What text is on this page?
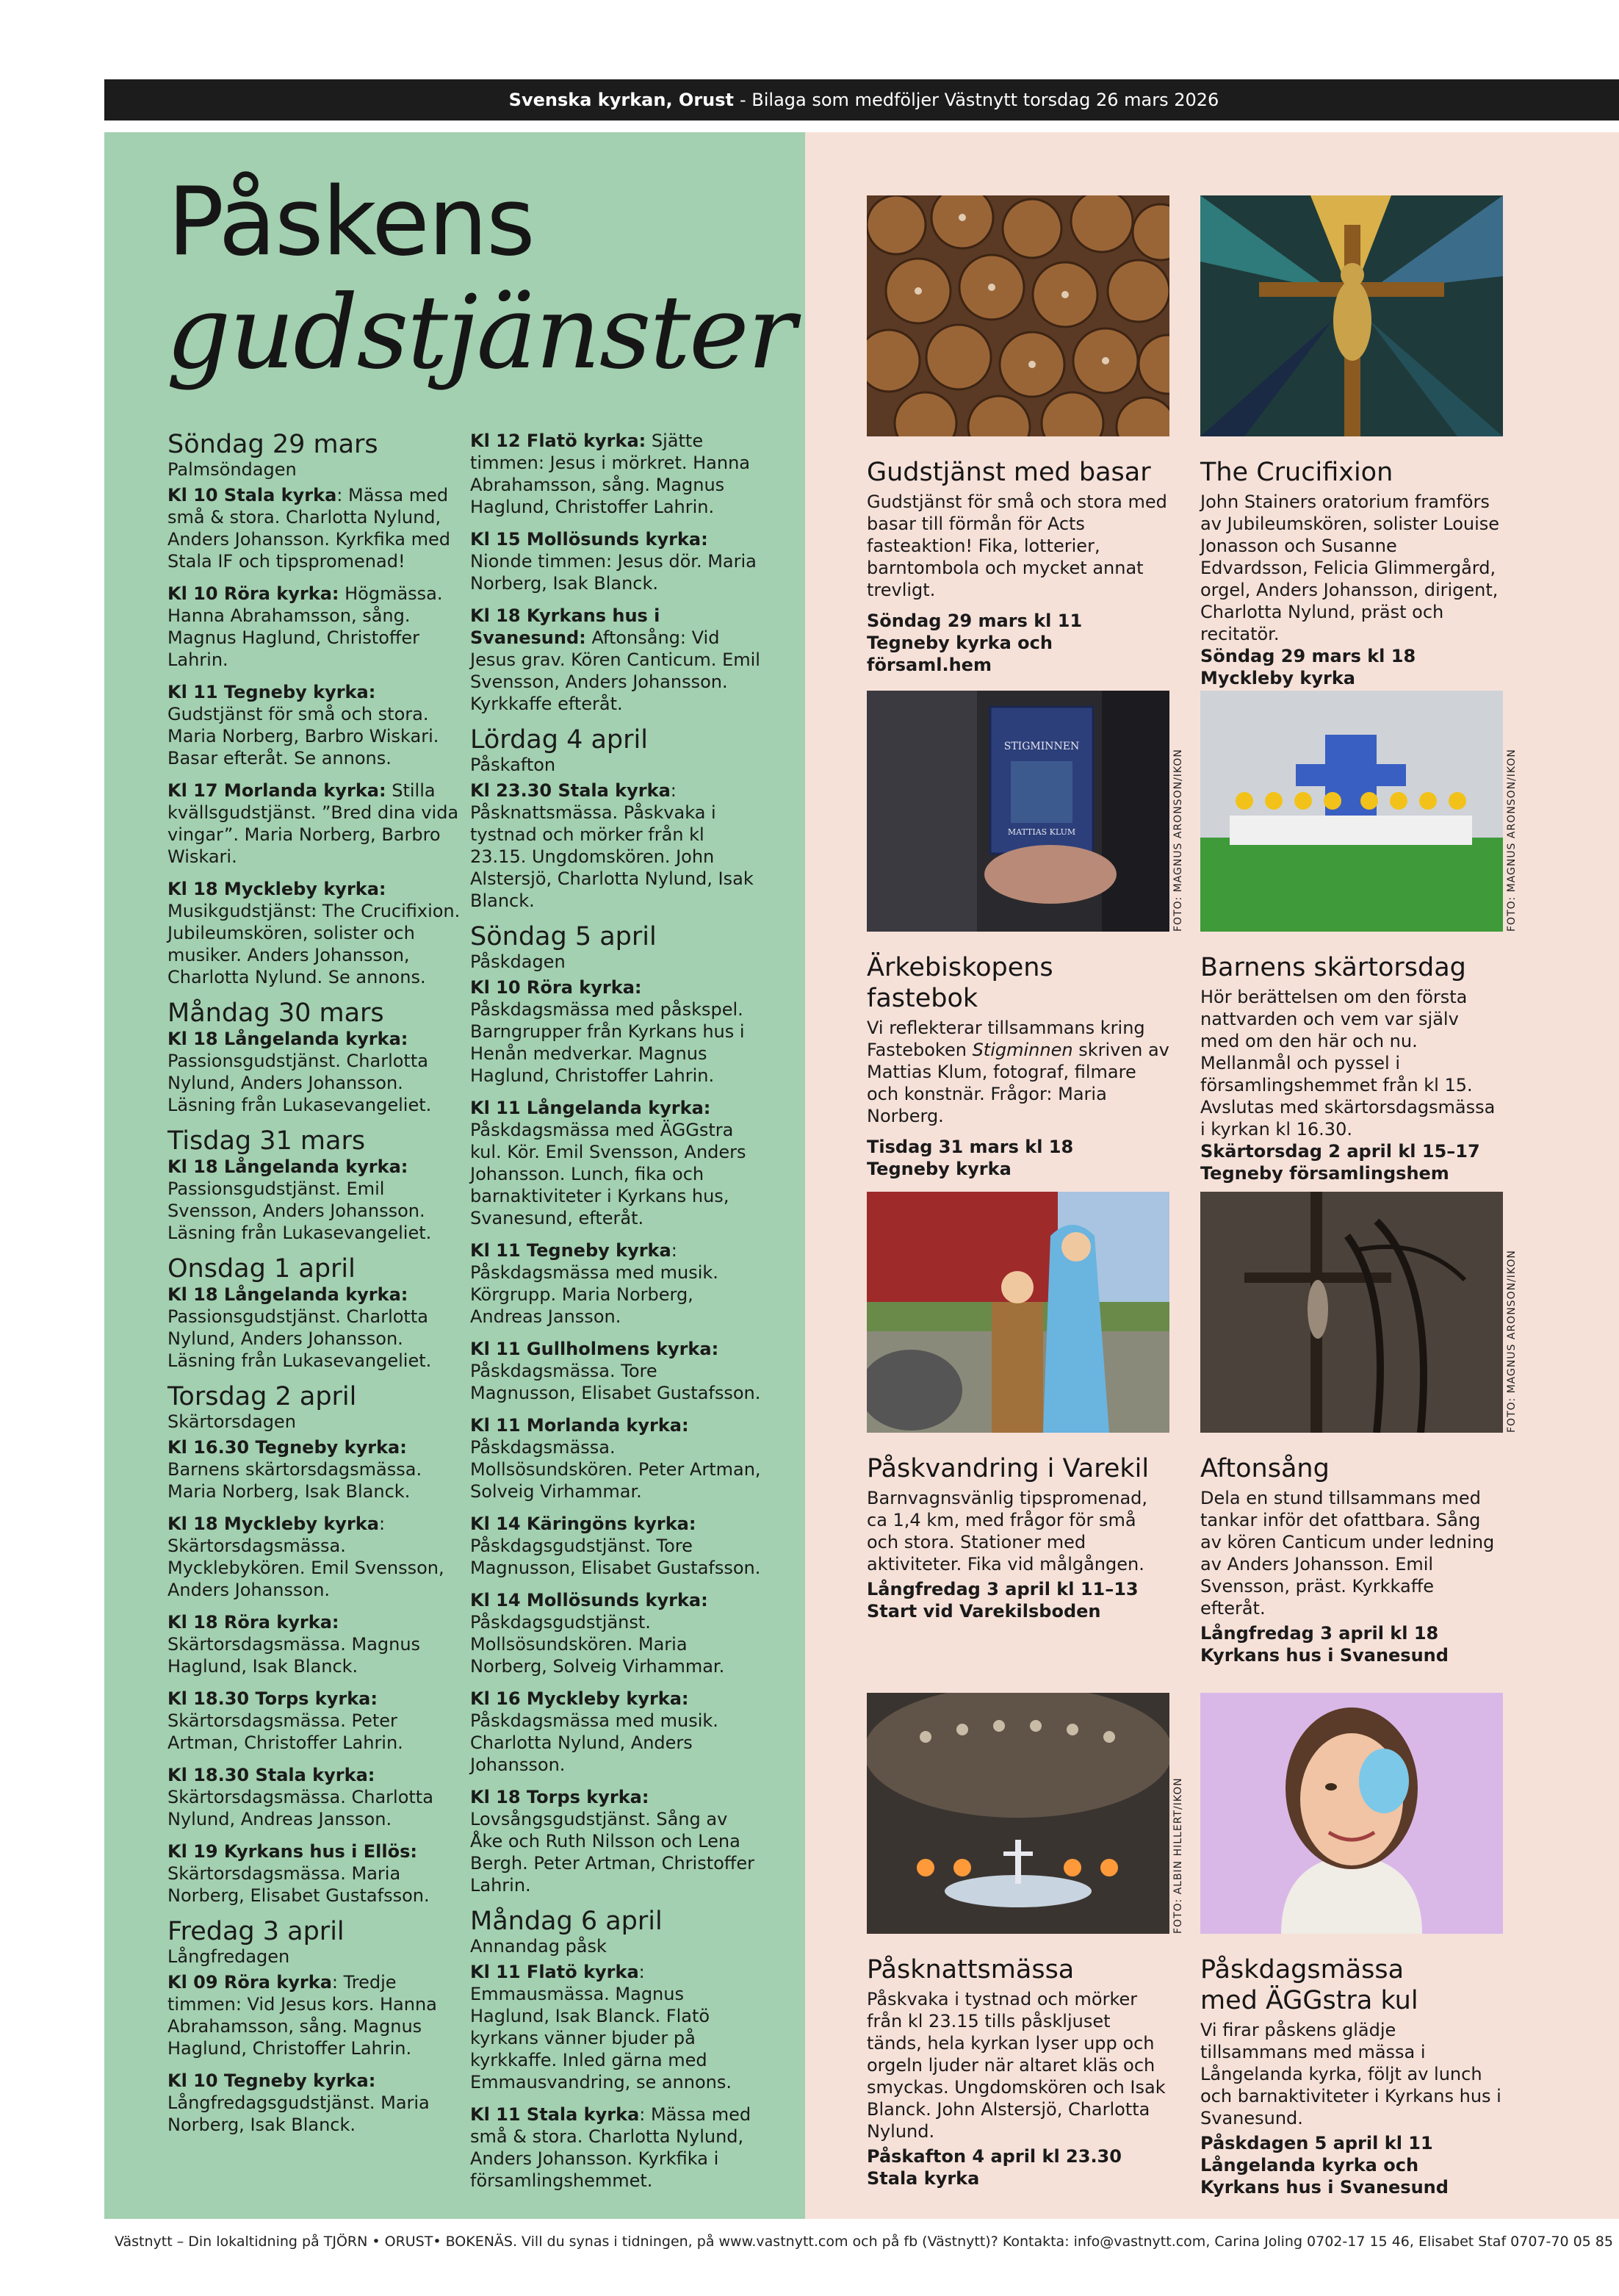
Svenska kyrkan, Orust - Bilaga som medföljer Västnytt torsdag 26 mars 2026
Påskens
gudstjänster
Söndag 29 mars
Palmsöndagen
Kl 10 Stala kyrka: Mässa med små & stora. Charlotta Nylund, Anders Johansson. Kyrkfika med Stala IF och tipspromenad!
Kl 10 Röra kyrka: Högmässa. Hanna Abrahamsson, sång. Magnus Haglund, Christoffer Lahrin.
Kl 11 Tegneby kyrka: Gudstjänst för små och stora. Maria Norberg, Barbro Wiskari. Basar efteråt. Se annons.
Kl 17 Morlanda kyrka: Stilla kvällsgudstjänst. ”Bred dina vida vingar”. Maria Norberg, Barbro Wiskari.
Kl 18 Myckleby kyrka: Musikgudstjänst: The Crucifixion. Jubileumskören, solister och musiker. Anders Johansson, Charlotta Nylund. Se annons.
Måndag 30 mars
Kl 18 Långelanda kyrka: Passionsgudstjänst. Charlotta Nylund, Anders Johansson. Läsning från Lukasevangeliet.
Tisdag 31 mars
Kl 18 Långelanda kyrka: Passionsgudstjänst. Emil Svensson, Anders Johansson. Läsning från Lukasevangeliet.
Onsdag 1 april
Kl 18 Långelanda kyrka: Passionsgudstjänst. Charlotta Nylund, Anders Johansson. Läsning från Lukasevangeliet.
Torsdag 2 april
Skärtorsdagen
Kl 16.30 Tegneby kyrka: Barnens skärtorsdagsmässa. Maria Norberg, Isak Blanck.
Kl 18 Myckleby kyrka: Skärtorsdagsmässa. Mycklebykören. Emil Svensson, Anders Johansson.
Kl 18 Röra kyrka: Skärtorsdagsmässa. Magnus Haglund, Isak Blanck.
Kl 18.30 Torps kyrka: Skärtorsdagsmässa. Peter Artman, Christoffer Lahrin.
Kl 18.30 Stala kyrka: Skärtorsdagsmässa. Charlotta Nylund, Andreas Jansson.
Kl 19 Kyrkans hus i Ellös: Skärtorsdagsmässa. Maria Norberg, Elisabet Gustafsson.
Fredag 3 april
Långfredagen
Kl 09 Röra kyrka: Tredje timmen: Vid Jesus kors. Hanna Abrahamsson, sång. Magnus Haglund, Christoffer Lahrin.
Kl 10 Tegneby kyrka: Långfredagsgudstjänst. Maria Norberg, Isak Blanck.
Kl 12 Flatö kyrka: Sjätte timmen: Jesus i mörkret. Hanna Abrahamsson, sång. Magnus Haglund, Christoffer Lahrin.
Kl 15 Mollösunds kyrka: Nionde timmen: Jesus dör. Maria Norberg, Isak Blanck.
Kl 18 Kyrkans hus i Svanesund: Aftonsång: Vid Jesus grav. Kören Canticum. Emil Svensson, Anders Johansson. Kyrkkaffe efteråt.
Lördag 4 april
Påskafton
Kl 23.30 Stala kyrka: Påsknattsmässa. Påskvaka i tystnad och mörker från kl 23.15. Ungdomskören. John Alstersjö, Charlotta Nylund, Isak Blanck.
Söndag 5 april
Påskdagen
Kl 10 Röra kyrka: Påskdagsmässa med påskspel. Barngrupper från Kyrkans hus i Henån medverkar. Magnus Haglund, Christoffer Lahrin.
Kl 11 Långelanda kyrka: Påskdagsmässa med ÄGGstra kul. Kör. Emil Svensson, Anders Johansson. Lunch, fika och barnaktiviteter i Kyrkans hus, Svanesund, efteråt.
Kl 11 Tegneby kyrka: Påskdagsmässa med musik. Körgrupp. Maria Norberg, Andreas Jansson.
Kl 11 Gullholmens kyrka: Påskdagsmässa. Tore Magnusson, Elisabet Gustafsson.
Kl 11 Morlanda kyrka: Påskdagsmässa. Mollsösundskören. Peter Artman, Solveig Virhammar.
Kl 14 Käringöns kyrka: Påskdagsgudstjänst. Tore Magnusson, Elisabet Gustafsson.
Kl 14 Mollösunds kyrka: Påskdagsgudstjänst. Mollsösundskören. Maria Norberg, Solveig Virhammar.
Kl 16 Myckleby kyrka: Påskdagsmässa med musik. Charlotta Nylund, Anders Johansson.
Kl 18 Torps kyrka: Lovsångsgudstjänst. Sång av Åke och Ruth Nilsson och Lena Bergh. Peter Artman, Christoffer Lahrin.
Måndag 6 april
Annandag påsk
Kl 11 Flatö kyrka: Emmausmässa. Magnus Haglund, Isak Blanck. Flatö kyrkans vänner bjuder på kyrkkaffe. Inled gärna med Emmausvandring, se annons.
Kl 11 Stala kyrka: Mässa med små & stora. Charlotta Nylund, Anders Johansson. Kyrkfika i församlingshemmet.
Gudstjänst med basar
Gudstjänst för små och stora med basar till förmån för Acts fasteaktion! Fika, lotterier, barntombola och mycket annat trevligt.
Söndag 29 mars kl 11
Tegneby kyrka och församl.hem
The Crucifixion
John Stainers oratorium framförs av Jubileumskören, solister Louise Jonasson och Susanne Edvardsson, Felicia Glimmergård, orgel, Anders Johansson, dirigent, Charlotta Nylund, präst och recitatör.
Söndag 29 mars kl 18
Myckleby kyrka
STIGMINNEN
MATTIAS KLUM	FOTO: MAGNUS ARONSON/IKON
Ärkebiskopens fastebok
Vi reflekterar tillsammans kring Fasteboken Stigminnen skriven av Mattias Klum, fotograf, filmare och konstnär. Frågor: Maria Norberg.
Tisdag 31 mars kl 18
Tegneby kyrka
FOTO: MAGNUS ARONSON/IKON
Barnens skärtorsdag
Hör berättelsen om den första nattvarden och vem var själv med om den här och nu. Mellanmål och pyssel i församlingshemmet från kl 15. Avslutas med skärtorsdagsmässa i kyrkan kl 16.30.
Skärtorsdag 2 april kl 15–17
Tegneby församlingshem
Påskvandring i Varekil
Barnvagnsvänlig tipspromenad, ca 1,4 km, med frågor för små och stora. Stationer med aktiviteter. Fika vid målgången.
Långfredag 3 april kl 11–13
Start vid Varekilsboden
FOTO: MAGNUS ARONSON/IKON
Aftonsång
Dela en stund tillsammans med tankar inför det ofattbara. Sång av kören Canticum under ledning av Anders Johansson. Emil Svensson, präst. Kyrkkaffe efteråt.
Långfredag 3 april kl 18
Kyrkans hus i Svanesund
FOTO: ALBIN HILLERT/IKON
Påsknattsmässa
Påskvaka i tystnad och mörker från kl 23.15 tills påskljuset tänds, hela kyrkan lyser upp och orgeln ljuder när altaret kläs och smyckas. Ungdomskören och Isak Blanck. John Alstersjö, Charlotta Nylund.
Påskafton 4 april kl 23.30
Stala kyrka
Påskdagsmässa med ÄGGstra kul
Vi firar påskens glädje tillsammans med mässa i Långelanda kyrka, följt av lunch och barnaktiviteter i Kyrkans hus i Svanesund.
Påskdagen 5 april kl 11
Långelanda kyrka och Kyrkans hus i Svanesund
Västnytt – Din lokaltidning på TJÖRN • ORUST• BOKENÄS. Vill du synas i tidningen, på www.vastnytt.com och på fb (Västnytt)? Kontakta: info@vastnytt.com, Carina Joling 0702-17 15 46, Elisabet Staf 0707-70 05 85
